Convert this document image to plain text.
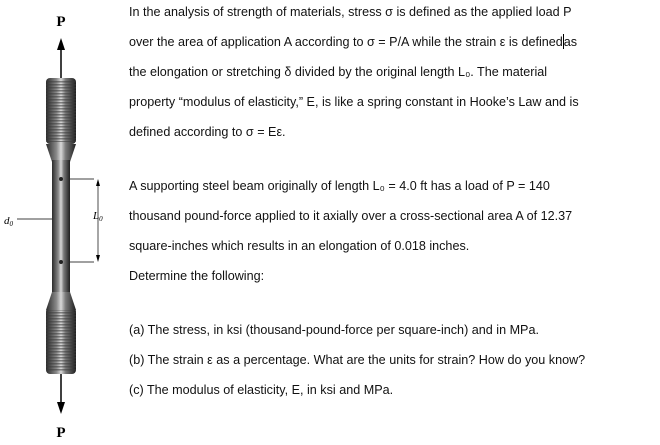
P
P
d0
L0

In the analysis of strength of materials, stress σ is defined as the applied load P

over the area of application A according to σ = P/A while the strain ε is definedas

the elongation or stretching δ divided by the original length L₀. The material

property “modulus of elasticity,” E, is like a spring constant in Hooke’s Law and is

defined according to σ = Eε.

A supporting steel beam originally of length L₀ = 4.0 ft has a load of P = 140

thousand pound-force applied to it axially over a cross-sectional area A of 12.37

square-inches which results in an elongation of 0.018 inches.

Determine the following:

(a) The stress, in ksi (thousand-pound-force per square-inch) and in MPa.

(b) The strain ε as a percentage. What are the units for strain? How do you know?

(c) The modulus of elasticity, E, in ksi and MPa.
